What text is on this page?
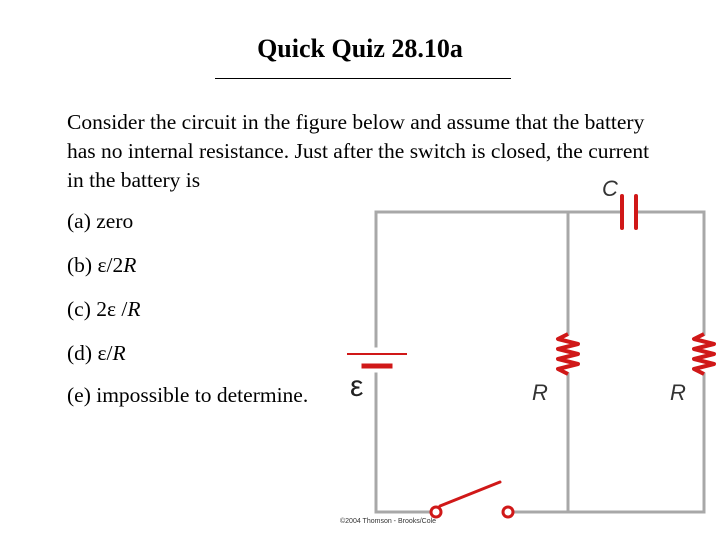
Quick Quiz 28.10a
Consider the circuit in the figure below and assume that the battery has no internal resistance. Just after the switch is closed, the current in the battery is
(a) zero
(b) ε/2R
(c) 2ε /R
(d) ε/R
(e) impossible to determine.
C
ε	R	R
©2004 Thomson - Brooks/Cole
